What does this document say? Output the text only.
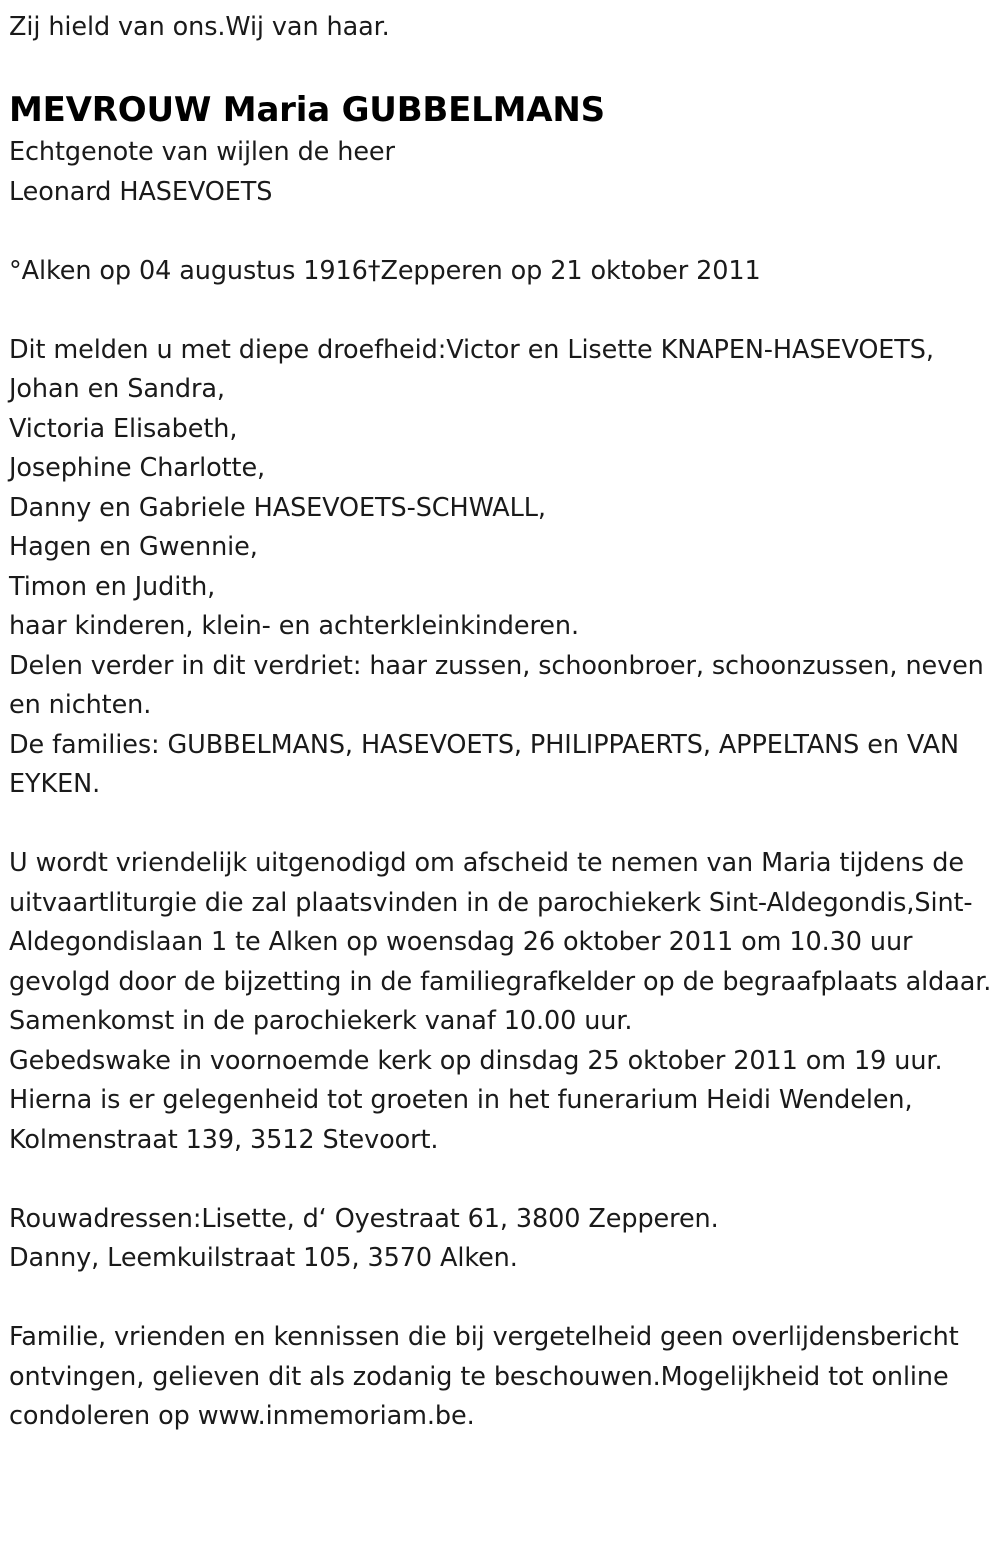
Zij hield van ons.Wij van haar.
MEVROUW Maria GUBBELMANS
Echtgenote van wijlen de heer
Leonard HASEVOETS
°Alken op 04 augustus 1916†Zepperen op 21 oktober 2011
Dit melden u met diepe droefheid:Victor en Lisette KNAPEN-HASEVOETS,
Johan en Sandra,
Victoria Elisabeth,
Josephine Charlotte,
Danny en Gabriele HASEVOETS-SCHWALL,
Hagen en Gwennie,
Timon en Judith,
haar kinderen, klein- en achterkleinkinderen.
Delen verder in dit verdriet: haar zussen, schoonbroer, schoonzussen, neven en nichten.
De families: GUBBELMANS, HASEVOETS, PHILIPPAERTS, APPELTANS en VAN EYKEN.
U wordt vriendelijk uitgenodigd om afscheid te nemen van Maria tijdens de uitvaartliturgie die zal plaatsvinden in de parochiekerk Sint-Aldegondis,Sint-Aldegondislaan 1 te Alken op woensdag 26 oktober 2011 om 10.30 uur gevolgd door de bijzetting in de familiegrafkelder op de begraafplaats aldaar.
Samenkomst in de parochiekerk vanaf 10.00 uur.
Gebedswake in voornoemde kerk op dinsdag 25 oktober 2011 om 19 uur.
Hierna is er gelegenheid tot groeten in het funerarium Heidi Wendelen, Kolmenstraat 139, 3512 Stevoort.
Rouwadressen:Lisette, d‘ Oyestraat 61, 3800 Zepperen.
Danny, Leemkuilstraat 105, 3570 Alken.
Familie, vrienden en kennissen die bij vergetelheid geen overlijdensbericht ontvingen, gelieven dit als zodanig te beschouwen.Mogelijkheid tot online condoleren op www.inmemoriam.be.
